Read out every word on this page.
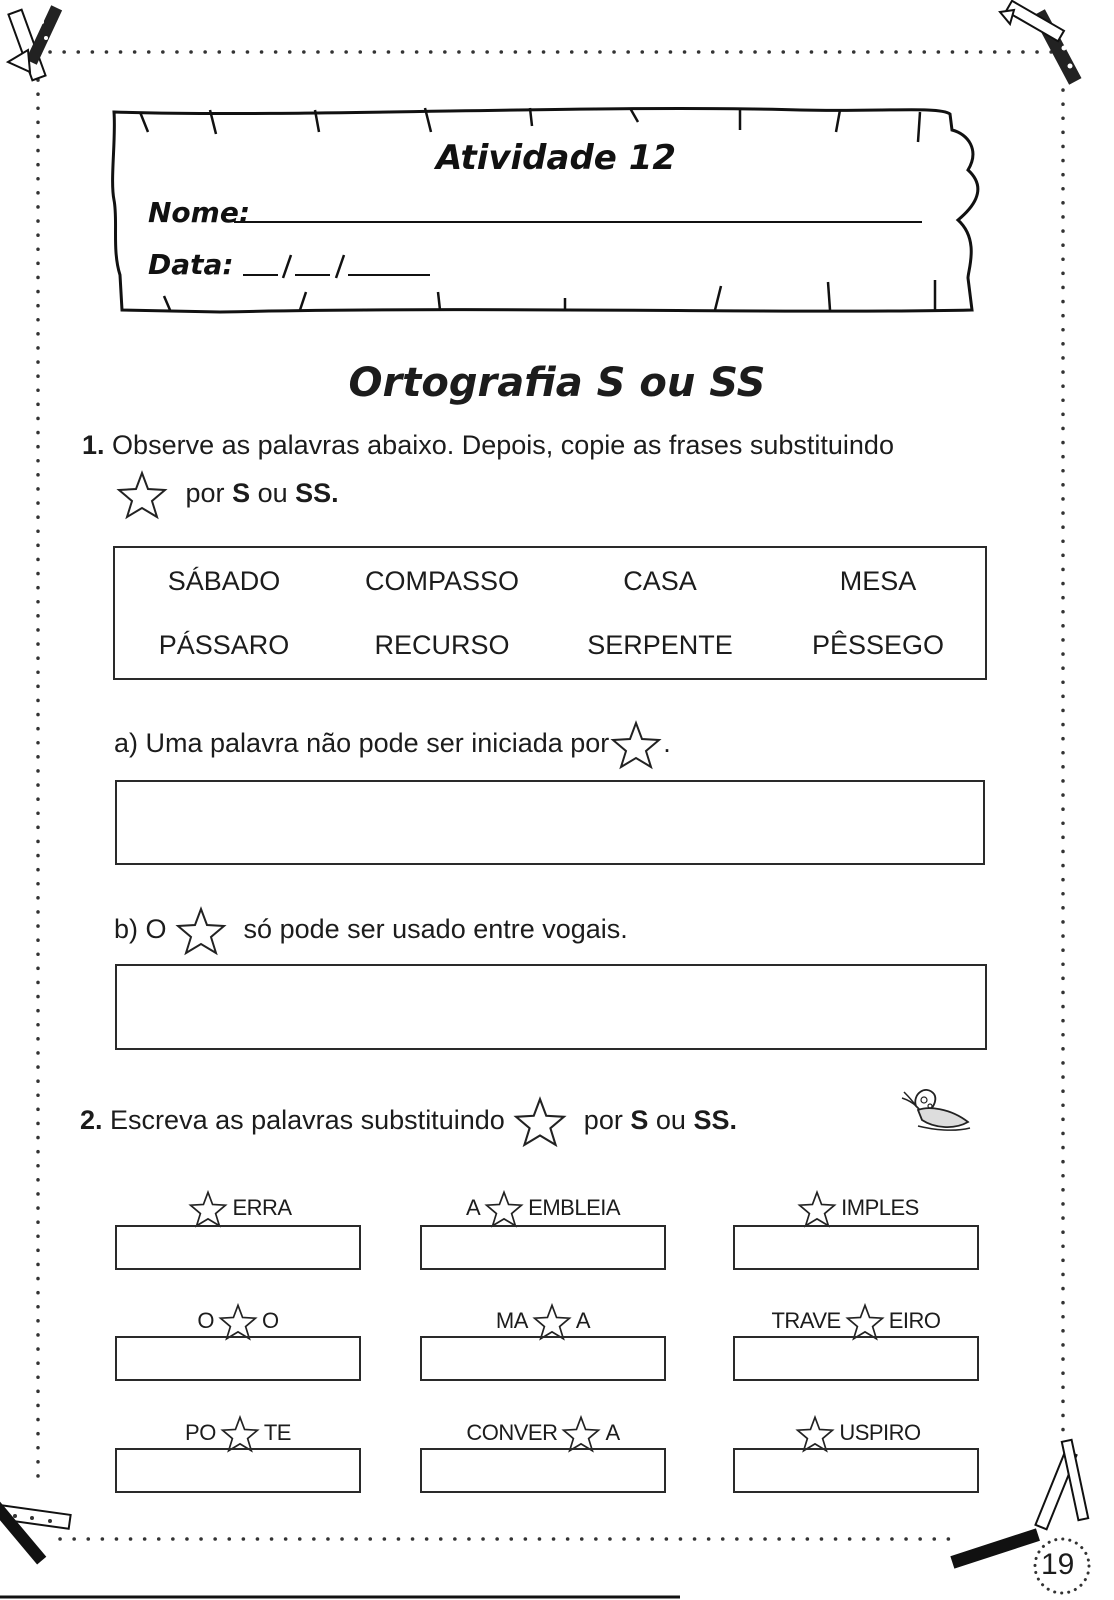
Atividade 12
Nome:
Data:
Ortografia S ou SS
1. Observe as palavras abaixo. Depois, copie as frases substituindo
por S ou SS.
SÁBADO	COMPASSO	CASA	MESA
PÁSSARO	RECURSO	SERPENTE	PÊSSEGO
a) Uma palavra não pode ser iniciada por .
b) O	só pode ser usado entre vogais.
2. Escreva as palavras substituindo	por S ou SS.
ERRA	A EMBLEIA	IMPLES
O O	MA A	TRAVE EIRO
PO TE	CONVER A	USPIRO
19
